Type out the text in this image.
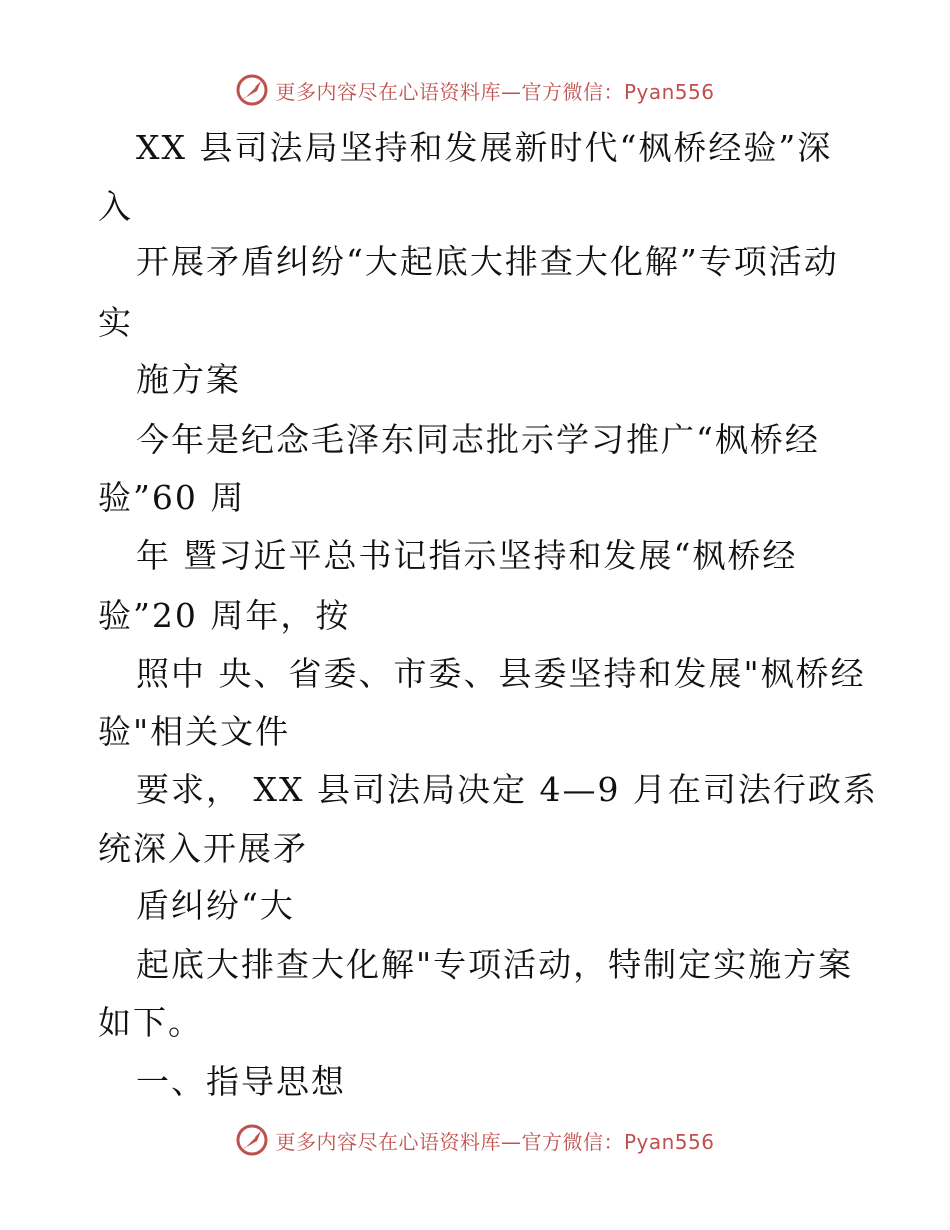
更多内容尽在心语资料库—官方微信：Pyan556
XX 县司法局坚持和发展新时代“枫桥经验”深
入
开展矛盾纠纷“大起底大排查大化解”专项活动
实
施方案
今年是纪念毛泽东同志批示学习推广“枫桥经
验”60 周
年 暨习近平总书记指示坚持和发展“枫桥经
验”20 周年，按
照中 央、省委、市委、县委坚持和发展"枫桥经
验"相关文件
要求， XX 县司法局决定 4—9 月在司法行政系
统深入开展矛
盾纠纷“大
起底大排查大化解"专项活动，特制定实施方案
如下。
一、指导思想
更多内容尽在心语资料库—官方微信：Pyan556
